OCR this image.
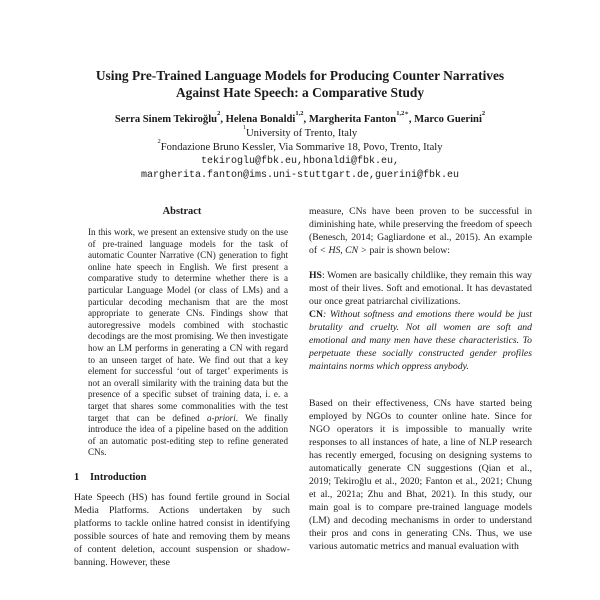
Using Pre-Trained Language Models for Producing Counter Narratives
Against Hate Speech: a Comparative Study
Serra Sinem Tekiroğlu$^2$, Helena Bonaldi$^{1,2}$, Margherita Fanton$^{1,2∗}$, Marco Guerini$^2$
$^1$University of Trento, Italy
$^2$Fondazione Bruno Kessler, Via Sommarive 18, Povo, Trento, Italy
tekiroglu@fbk.eu,hbonaldi@fbk.eu,
margherita.fanton@ims.uni-stuttgart.de,guerini@fbk.eu
Abstract
In this work, we present an extensive study on the use of pre-trained language models for the task of automatic Counter Narrative (CN) generation to fight online hate speech in English. We first present a comparative study to determine whether there is a particular Language Model (or class of LMs) and a particular decoding mechanism that are the most appropriate to generate CNs. Findings show that autoregressive models combined with stochastic decodings are the most promising. We then investigate how an LM performs in generating a CN with regard to an unseen target of hate. We find out that a key element for successful ‘out of target’ experiments is not an overall similarity with the training data but the presence of a specific subset of training data, i. e. a target that shares some commonalities with the test target that can be defined a-priori. We finally introduce the idea of a pipeline based on the addition of an automatic post-editing step to refine generated CNs.
1 Introduction
Hate Speech (HS) has found fertile ground in Social Media Platforms. Actions undertaken by such platforms to tackle online hatred consist in identifying possible sources of hate and removing them by means of content deletion, account suspension or shadow-banning. However, these
measure, CNs have been proven to be successful in diminishing hate, while preserving the freedom of speech (Benesch, 2014; Gagliardone et al., 2015). An example of < HS, CN > pair is shown below:

HS: Women are basically childlike, they remain this way most of their lives. Soft and emotional. It has devastated our once great patriarchal civilizations.

CN: Without softness and emotions there would be just brutality and cruelty. Not all women are soft and emotional and many men have these characteristics. To perpetuate these socially constructed gender profiles maintains norms which oppress anybody.

Based on their effectiveness, CNs have started being employed by NGOs to counter online hate. Since for NGO operators it is impossible to manually write responses to all instances of hate, a line of NLP research has recently emerged, focusing on designing systems to automatically generate CN suggestions (Qian et al., 2019; Tekiroğlu et al., 2020; Fanton et al., 2021; Chung et al., 2021a; Zhu and Bhat, 2021). In this study, our main goal is to compare pre-trained language models (LM) and decoding mechanisms in order to understand their pros and cons in generating CNs. Thus, we use various automatic metrics and manual evaluation with
